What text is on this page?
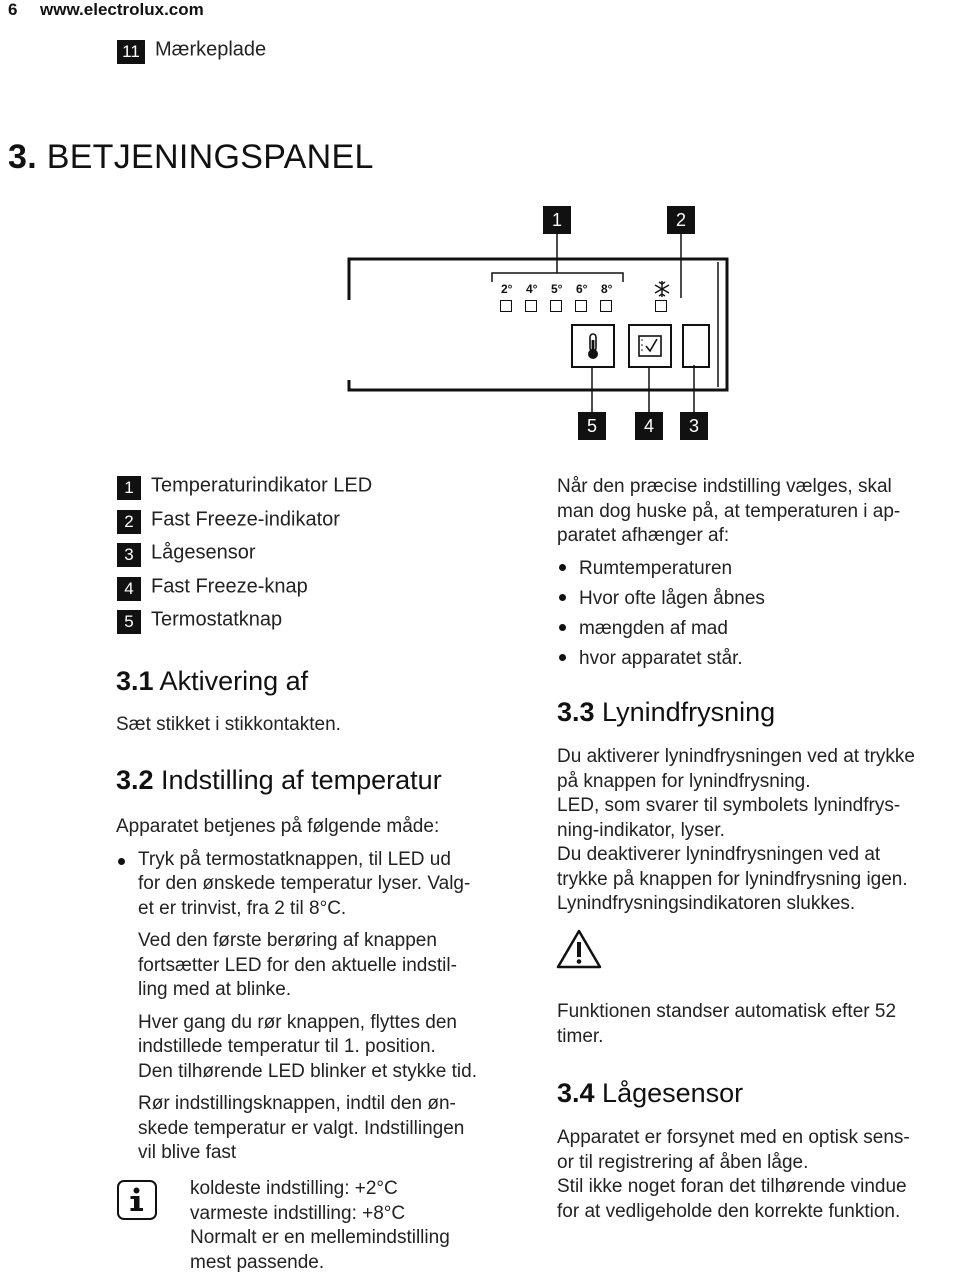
6 www.electrolux.com
11 Mærkeplade
3. BETJENINGSPANEL
1	2
2° 4° 5° 6° 8°
5	4	3
1 Temperaturindikator LED
2 Fast Freeze-indikator
3 Lågesensor
4 Fast Freeze-knap
5 Termostatknap
3.1 Aktivering af
Sæt stikket i stikkontakten.
3.2 Indstilling af temperatur
Apparatet betjenes på følgende måde:
Tryk på termostatknappen, til LED ud
for den ønskede temperatur lyser. Valg-
et er trinvist, fra 2 til 8°C.
Ved den første berøring af knappen
fortsætter LED for den aktuelle indstil-
ling med at blinke.
Hver gang du rør knappen, flyttes den
indstillede temperatur til 1. position.
Den tilhørende LED blinker et stykke tid.
Rør indstillingsknappen, indtil den øn-
skede temperatur er valgt. Indstillingen
vil blive fast
koldeste indstilling: +2°C
varmeste indstilling: +8°C
Normalt er en mellemindstilling
mest passende.
Når den præcise indstilling vælges, skal
man dog huske på, at temperaturen i ap-
paratet afhænger af:
Rumtemperaturen
Hvor ofte lågen åbnes
mængden af mad
hvor apparatet står.
3.3 Lynindfrysning
Du aktiverer lynindfrysningen ved at trykke
på knappen for lynindfrysning.
LED, som svarer til symbolets lynindfrys-
ning-indikator, lyser.
Du deaktiverer lynindfrysningen ved at
trykke på knappen for lynindfrysning igen.
Lynindfrysningsindikatoren slukkes.
Funktionen standser automatisk efter 52
timer.
3.4 Lågesensor
Apparatet er forsynet med en optisk sens-
or til registrering af åben låge.
Stil ikke noget foran det tilhørende vindue
for at vedligeholde den korrekte funktion.
